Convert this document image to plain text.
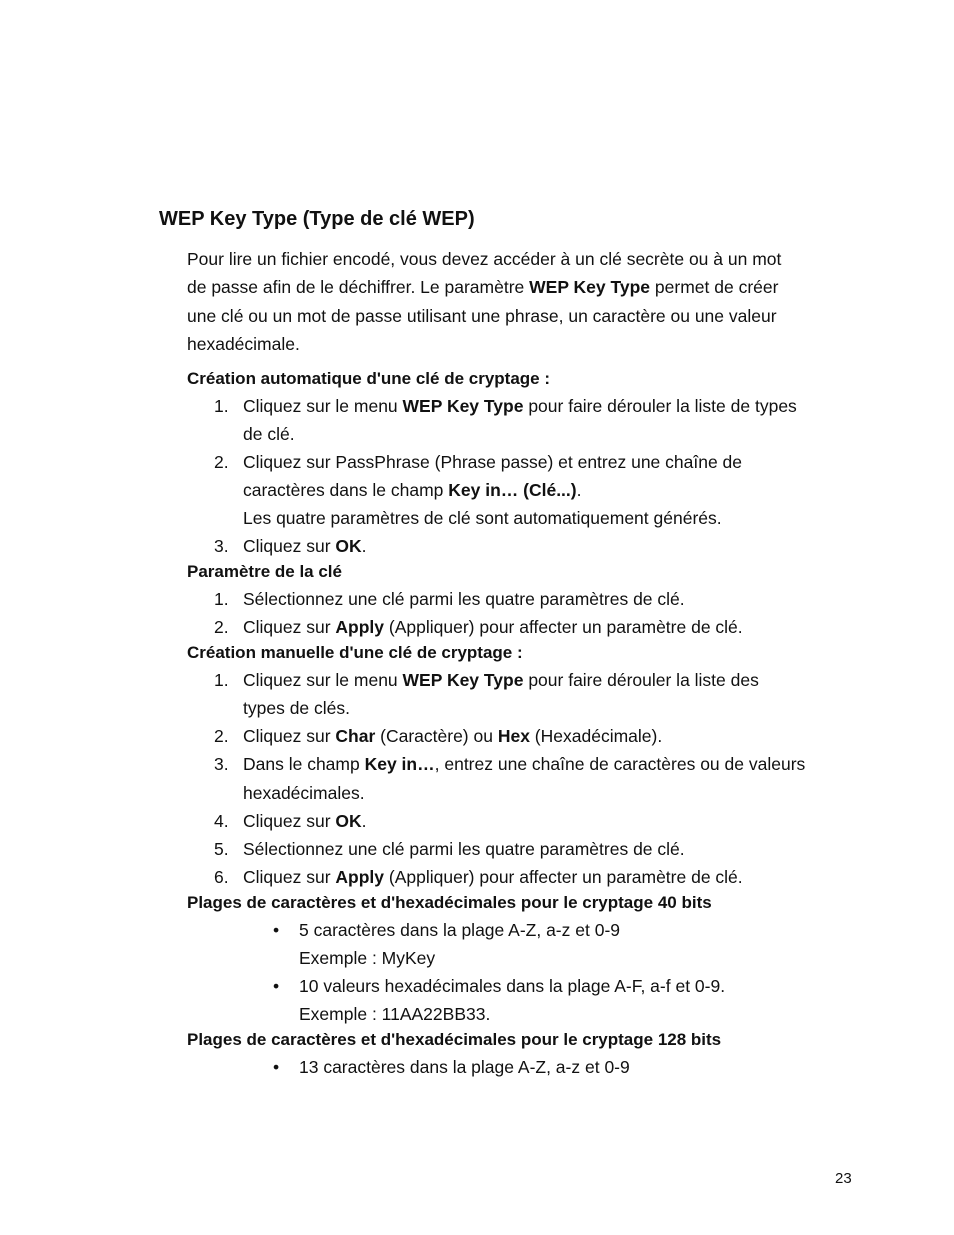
WEP Key Type (Type de clé WEP)
Pour lire un fichier encodé, vous devez accéder à un clé secrète ou à un mot
de passe afin de le déchiffrer. Le paramètre WEP Key Type permet de créer
une clé ou un mot de passe utilisant une phrase, un caractère ou une valeur
hexadécimale.
Création automatique d'une clé de cryptage :
1. Cliquez sur le menu WEP Key Type pour faire dérouler la liste de types
de clé.
2. Cliquez sur PassPhrase (Phrase passe) et entrez une chaîne de
caractères dans le champ Key in… (Clé...).
Les quatre paramètres de clé sont automatiquement générés.
3. Cliquez sur OK.
Paramètre de la clé
1. Sélectionnez une clé parmi les quatre paramètres de clé.
2. Cliquez sur Apply (Appliquer) pour affecter un paramètre de clé.
Création manuelle d'une clé de cryptage :
1. Cliquez sur le menu WEP Key Type pour faire dérouler la liste des
types de clés.
2. Cliquez sur Char (Caractère) ou Hex (Hexadécimale).
3. Dans le champ Key in…, entrez une chaîne de caractères ou de valeurs
hexadécimales.
4. Cliquez sur OK.
5. Sélectionnez une clé parmi les quatre paramètres de clé.
6. Cliquez sur Apply (Appliquer) pour affecter un paramètre de clé.
Plages de caractères et d'hexadécimales pour le cryptage 40 bits
• 5 caractères dans la plage A-Z, a-z et 0-9
Exemple : MyKey
• 10 valeurs hexadécimales dans la plage A-F, a-f et 0-9.
Exemple : 11AA22BB33.
Plages de caractères et d'hexadécimales pour le cryptage 128 bits
• 13 caractères dans la plage A-Z, a-z et 0-9
23
